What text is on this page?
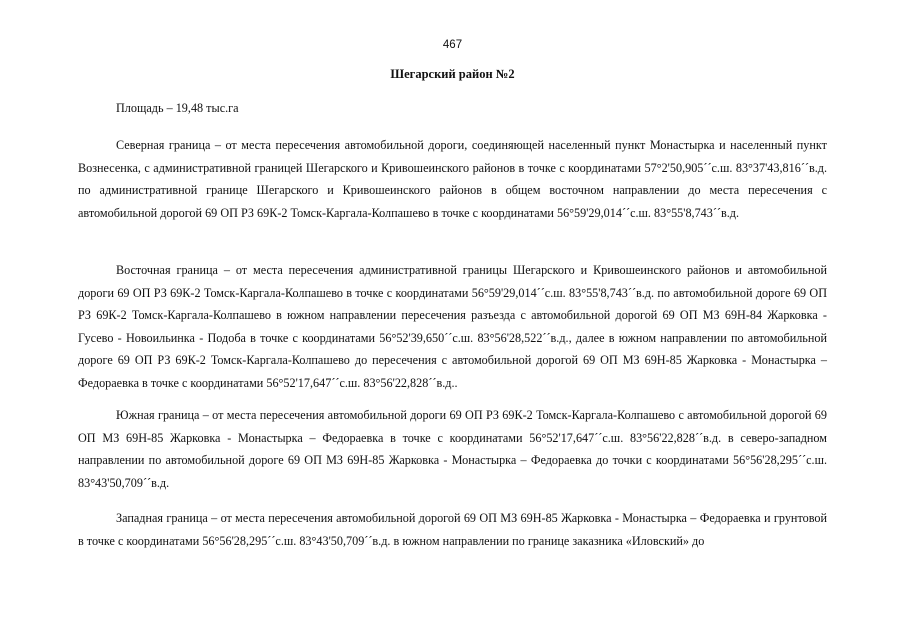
467
Шегарский район №2

Площадь – 19,48 тыс.га

Северная граница – от места пересечения автомобильной дороги, соединяющей населенный пункт Монастырка и населенный пункт Вознесенка, с административной границей Шегарского и Кривошеинского районов в точке с координатами 57°2'50,905´´с.ш. 83°37'43,816´´в.д. по административной границе Шегарского и Кривошеинского районов в общем восточном направлении до места пересечения с автомобильной дорогой 69 ОП РЗ 69К-2 Томск-Каргала-Колпашево в точке с координатами 56°59'29,014´´с.ш. 83°55'8,743´´в.д.

Восточная граница – от места пересечения административной границы Шегарского и Кривошеинского районов и автомобильной дороги 69 ОП РЗ 69К-2 Томск-Каргала-Колпашево в точке с координатами 56°59'29,014´´с.ш. 83°55'8,743´´в.д. по автомобильной дороге 69 ОП РЗ 69К-2 Томск-Каргала-Колпашево в южном направлении пересечения разъезда с автомобильной дорогой 69 ОП МЗ 69Н-84 Жарковка - Гусево - Новоильинка - Подоба в точке с координатами 56°52'39,650´´с.ш. 83°56'28,522´´в.д., далее в южном направлении по автомобильной дороге 69 ОП РЗ 69К-2 Томск-Каргала-Колпашево до пересечения с автомобильной дорогой 69 ОП МЗ 69Н-85 Жарковка - Монастырка – Федораевка в точке с координатами 56°52'17,647´´с.ш. 83°56'22,828´´в.д..

Южная граница – от места пересечения автомобильной дороги 69 ОП РЗ 69К-2 Томск-Каргала-Колпашево с автомобильной дорогой 69 ОП МЗ 69Н-85 Жарковка - Монастырка – Федораевка в точке с координатами 56°52'17,647´´с.ш. 83°56'22,828´´в.д. в северо-западном направлении по автомобильной дороге 69 ОП МЗ 69Н-85 Жарковка - Монастырка – Федораевка до точки с координатами 56°56'28,295´´с.ш. 83°43'50,709´´в.д.

Западная граница – от места пересечения автомобильной дорогой 69 ОП МЗ 69Н-85 Жарковка - Монастырка – Федораевка и грунтовой в точке с координатами 56°56'28,295´´с.ш. 83°43'50,709´´в.д. в южном направлении по границе заказника «Иловский» до
